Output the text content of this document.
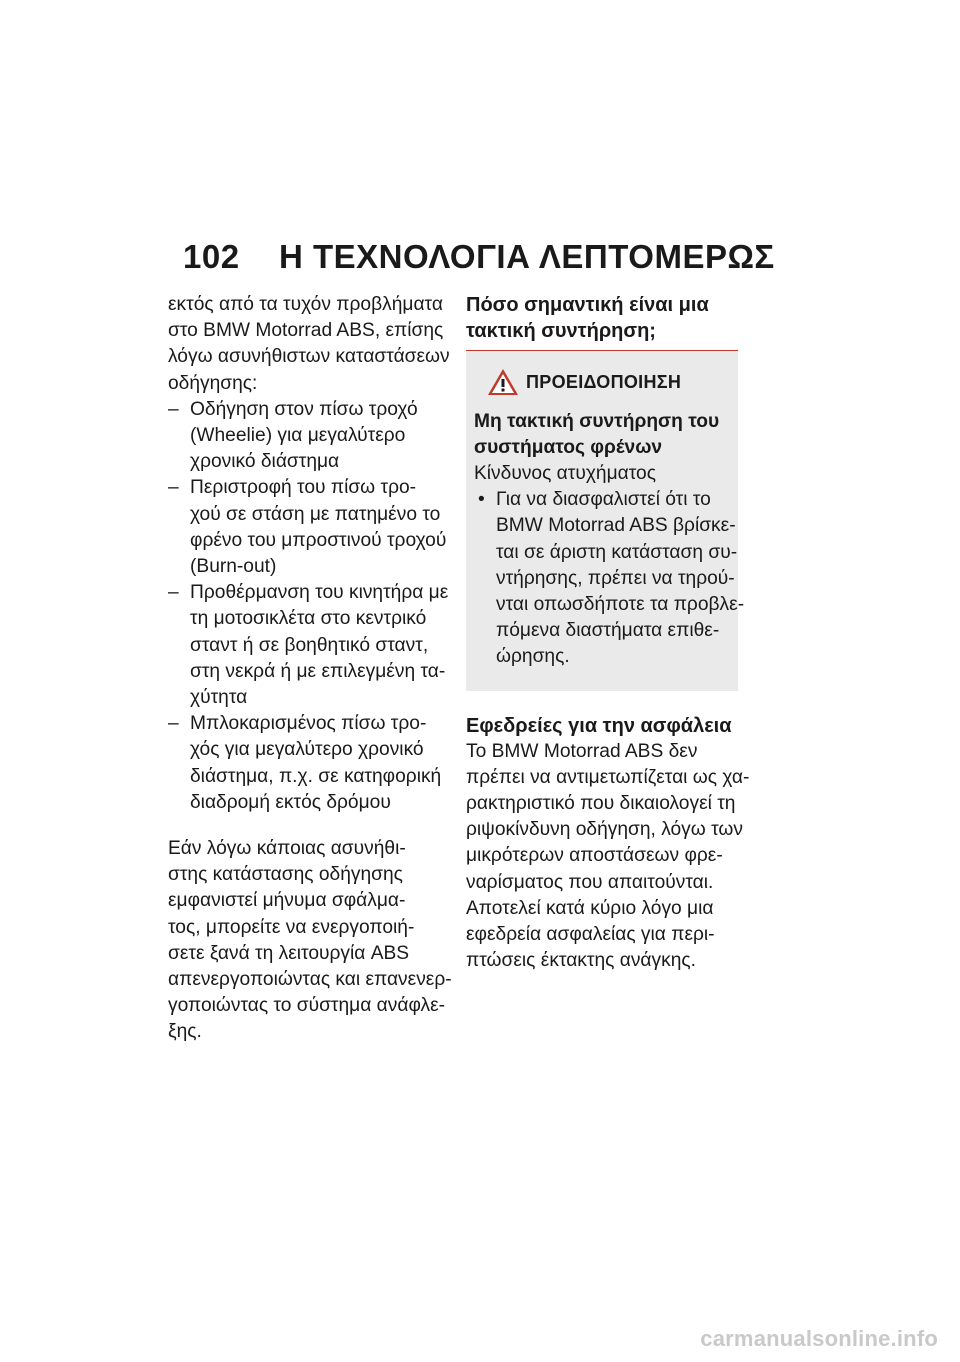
102 Η ΤΕΧΝΟΛΟΓΙΑ ΛΕΠΤΟΜΕΡΩΣ

εκτός από τα τυχόν προβλήματα
στο BMW Motorrad ABS, επίσης
λόγω ασυνήθιστων καταστάσεων
οδήγησης:

– Οδήγηση στον πίσω τροχό
(Wheelie) για μεγαλύτερο
χρονικό διάστημα
– Περιστροφή του πίσω τρο-
χού σε στάση με πατημένο το
φρένο του μπροστινού τροχού
(Burn-out)
– Προθέρμανση του κινητήρα με
τη μοτοσικλέτα στο κεντρικό
σταντ ή σε βοηθητικό σταντ,
στη νεκρά ή με επιλεγμένη τα-
χύτητα
– Μπλοκαρισμένος πίσω τρο-
χός για μεγαλύτερο χρονικό
διάστημα, π.χ. σε κατηφορική
διαδρομή εκτός δρόμου

Εάν λόγω κάποιας ασυνήθι-
στης κατάστασης οδήγησης
εμφανιστεί μήνυμα σφάλμα-
τος, μπορείτε να ενεργοποιή-
σετε ξανά τη λειτουργία ABS
απενεργοποιώντας και επανενερ-
γοποιώντας το σύστημα ανάφλε-
ξης.

Πόσο σημαντική είναι μια
τακτική συντήρηση;
ΠΡΟΕΙΔΟΠΟΙΗΣΗ
Μη τακτική συντήρηση του
συστήματος φρένων

Κίνδυνος ατυχήματος

• Για να διασφαλιστεί ότι το
BMW Motorrad ABS βρίσκε-
ται σε άριστη κατάσταση συ-
ντήρησης, πρέπει να τηρού-
νται οπωσδήποτε τα προβλε-
πόμενα διαστήματα επιθε-
ώρησης.
Εφεδρείες για την ασφάλεια

Το BMW Motorrad ABS δεν
πρέπει να αντιμετωπίζεται ως χα-
ρακτηριστικό που δικαιολογεί τη
ριψοκίνδυνη οδήγηση, λόγω των
μικρότερων αποστάσεων φρε-
ναρίσματος που απαιτούνται.
Αποτελεί κατά κύριο λόγο μια
εφεδρεία ασφαλείας για περι-
πτώσεις έκτακτης ανάγκης.

carmanualsonline.info
